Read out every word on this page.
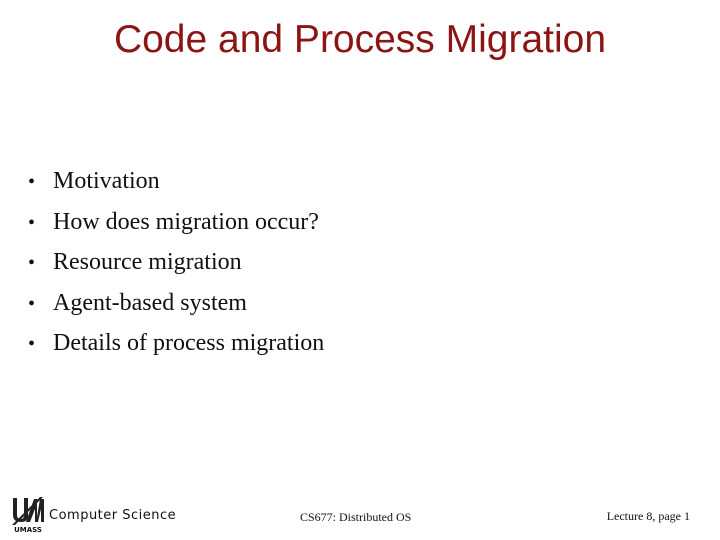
Code and Process Migration
• Motivation
• How does migration occur?
• Resource migration
• Agent-based system
• Details of process migration
UMASS
Computer Science	CS677: Distributed OS	Lecture 8, page 1
